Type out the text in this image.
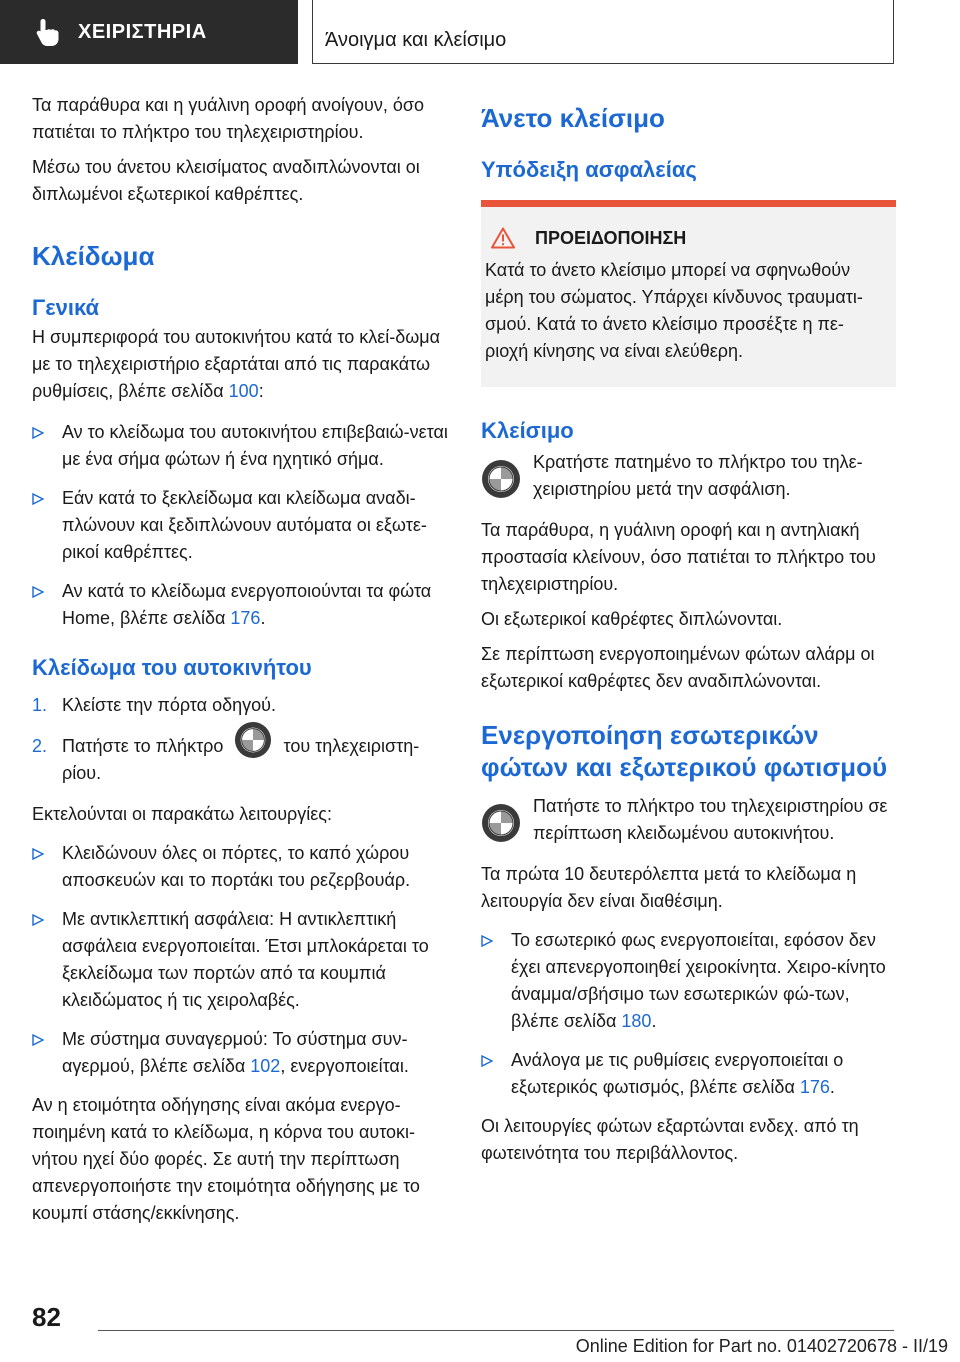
ΧΕΙΡΙΣΤΗΡΙΑ	Άνοιγμα και κλείσιμο

Τα παράθυρα και η γυάλινη οροφή ανοίγουν, όσο πατιέται το πλήκτρο του τηλεχειριστηρίου.

Μέσω του άνετου κλεισίματος αναδιπλώνονται οι διπλωμένοι εξωτερικοί καθρέπτες.

Κλείδωμα
Γενικά

Η συμπεριφορά του αυτοκινήτου κατά το κλεί-δωμα με το τηλεχειριστήριο εξαρτάται από τις παρακάτω ρυθμίσεις, βλέπε σελίδα 100:

Αν το κλείδωμα του αυτοκινήτου επιβεβαιώ-νεται με ένα σήμα φώτων ή ένα ηχητικό σήμα.
Εάν κατά το ξεκλείδωμα και κλείδωμα αναδι-πλώνουν και ξεδιπλώνουν αυτόματα οι εξωτε-ρικοί καθρέπτες.
Αν κατά το κλείδωμα ενεργοποιούνται τα φώτα Home, βλέπε σελίδα 176.
Κλείδωμα του αυτοκινήτου
1. Κλείστε την πόρτα οδηγού.
2. Πατήστε το πλήκτρο	του τηλεχειριστη-ρίου.

Εκτελούνται οι παρακάτω λειτουργίες:

Κλειδώνουν όλες οι πόρτες, το καπό χώρου αποσκευών και το πορτάκι του ρεζερβουάρ.
Με αντικλεπτική ασφάλεια: Η αντικλεπτική ασφάλεια ενεργοποιείται. Έτσι μπλοκάρεται το ξεκλείδωμα των πορτών από τα κουμπιά κλειδώματος ή τις χειρολαβές.
Με σύστημα συναγερμού: Το σύστημα συν-αγερμού, βλέπε σελίδα 102, ενεργοποιείται.

Αν η ετοιμότητα οδήγησης είναι ακόμα ενεργο-ποιημένη κατά το κλείδωμα, η κόρνα του αυτοκι-νήτου ηχεί δύο φορές. Σε αυτή την περίπτωση απενεργοποιήστε την ετοιμότητα οδήγησης με το κουμπί στάσης/εκκίνησης.

Άνετο κλείσιμο
Υπόδειξη ασφαλείας
ΠΡΟΕΙΔΟΠΟΙΗΣΗ

Κατά το άνετο κλείσιμο μπορεί να σφηνωθούν μέρη του σώματος. Υπάρχει κίνδυνος τραυματι-σμού. Κατά το άνετο κλείσιμο προσέξτε η πε-ριοχή κίνησης να είναι ελεύθερη.

Κλείσιμο

Κρατήστε πατημένο το πλήκτρο του τηλε-χειριστηρίου μετά την ασφάλιση.

Τα παράθυρα, η γυάλινη οροφή και η αντηλιακή προστασία κλείνουν, όσο πατιέται το πλήκτρο του τηλεχειριστηρίου.

Οι εξωτερικοί καθρέφτες διπλώνονται.

Σε περίπτωση ενεργοποιημένων φώτων αλάρμ οι εξωτερικοί καθρέφτες δεν αναδιπλώνονται.

Ενεργοποίηση εσωτερικών φώτων και εξωτερικού φωτισμού

Πατήστε το πλήκτρο του τηλεχειριστηρίου σε περίπτωση κλειδωμένου αυτοκινήτου.

Τα πρώτα 10 δευτερόλεπτα μετά το κλείδωμα η λειτουργία δεν είναι διαθέσιμη.

Το εσωτερικό φως ενεργοποιείται, εφόσον δεν έχει απενεργοποιηθεί χειροκίνητα. Χειρο-κίνητο άναμμα/σβήσιμο των εσωτερικών φώ-των, βλέπε σελίδα 180.
Ανάλογα με τις ρυθμίσεις ενεργοποιείται ο εξωτερικός φωτισμός, βλέπε σελίδα 176.

Οι λειτουργίες φώτων εξαρτώνται ενδεχ. από τη φωτεινότητα του περιβάλλοντος.

82
Online Edition for Part no. 01402720678 - II/19
